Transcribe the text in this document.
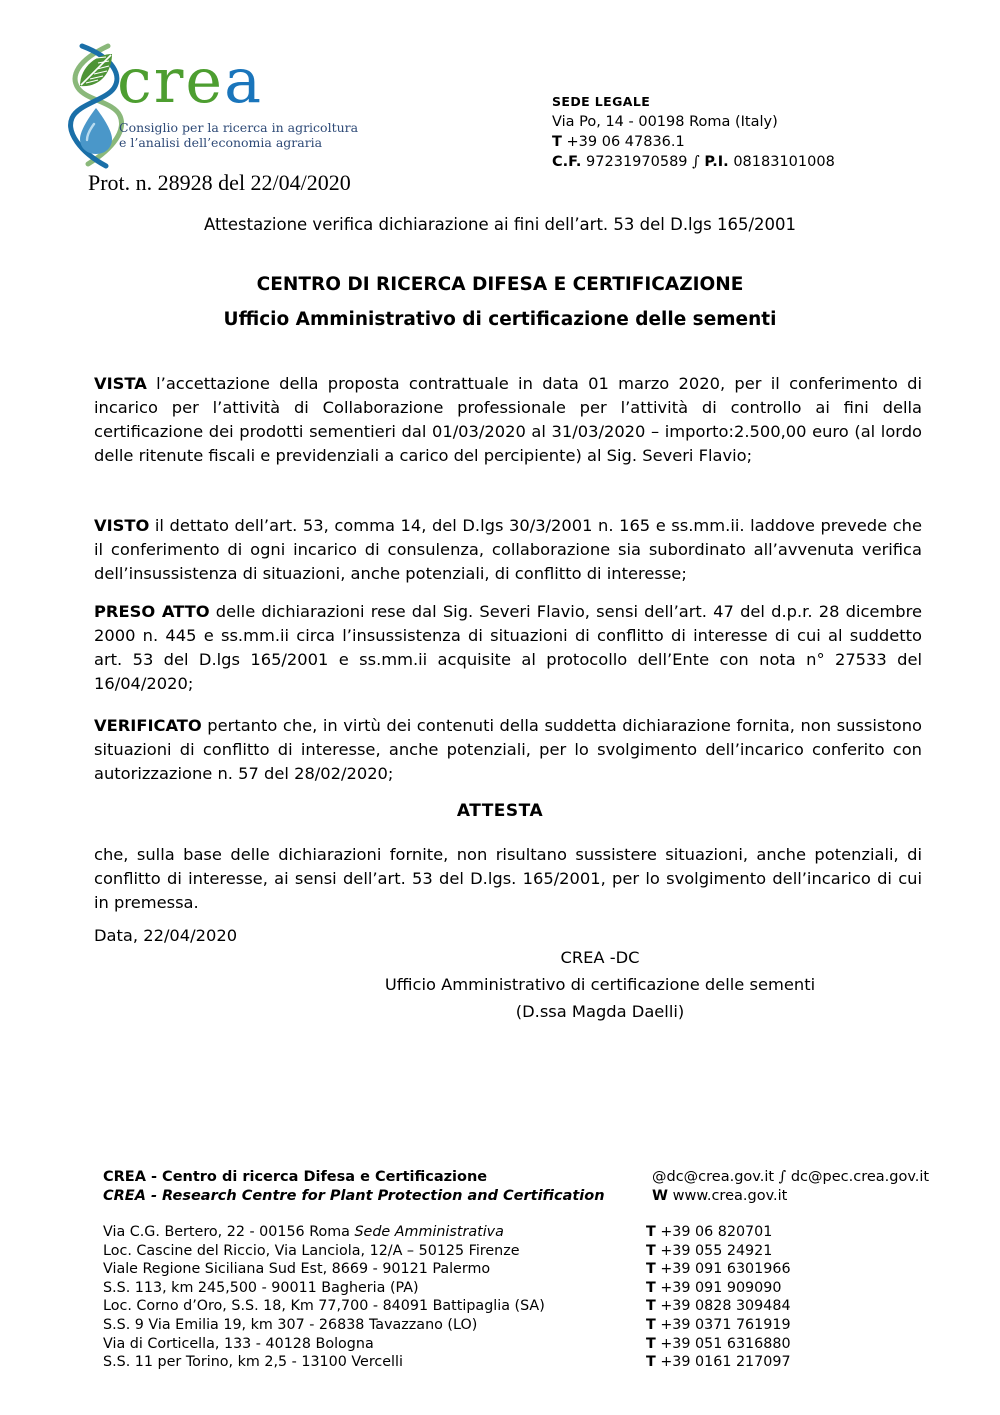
crea
Consiglio per la ricerca in agricoltura
e l’analisi dell’economia agraria
Prot. n. 28928 del 22/04/2020
SEDE LEGALE
Via Po, 14 - 00198 Roma (Italy)
T +39 06 47836.1
C.F. 97231970589 ∫ P.I. 08183101008
Attestazione verifica dichiarazione ai fini dell’art. 53 del D.lgs 165/2001
CENTRO DI RICERCA DIFESA E CERTIFICAZIONE
Ufficio Amministrativo di certificazione delle sementi
VISTA l’accettazione della proposta contrattuale in data 01 marzo 2020, per il conferimento di incarico per l’attività di Collaborazione professionale per l’attività di controllo ai fini della certificazione dei prodotti sementieri dal 01/03/2020 al 31/03/2020 – importo:2.500,00 euro (al lordo delle ritenute fiscali e previdenziali a carico del percipiente) al Sig. Severi Flavio;
VISTO il dettato dell’art. 53, comma 14, del D.lgs 30/3/2001 n. 165 e ss.mm.ii. laddove prevede che il conferimento di ogni incarico di consulenza, collaborazione sia subordinato all’avvenuta verifica dell’insussistenza di situazioni, anche potenziali, di conflitto di interesse;
PRESO ATTO delle dichiarazioni rese dal Sig. Severi Flavio, sensi dell’art. 47 del d.p.r. 28 dicembre 2000 n. 445 e ss.mm.ii circa l’insussistenza di situazioni di conflitto di interesse di cui al suddetto art. 53 del D.lgs 165/2001 e ss.mm.ii acquisite al protocollo dell’Ente con nota n° 27533 del 16/04/2020;
VERIFICATO pertanto che, in virtù dei contenuti della suddetta dichiarazione fornita, non sussistono situazioni di conflitto di interesse, anche potenziali, per lo svolgimento dell’incarico conferito con autorizzazione n. 57 del 28/02/2020;
ATTESTA
che, sulla base delle dichiarazioni fornite, non risultano sussistere situazioni, anche potenziali, di conflitto di interesse, ai sensi dell’art. 53 del D.lgs. 165/2001, per lo svolgimento dell’incarico di cui in premessa.
Data, 22/04/2020
CREA -DC
Ufficio Amministrativo di certificazione delle sementi
(D.ssa Magda Daelli)
CREA - Centro di ricerca Difesa e Certificazione
CREA - Research Centre for Plant Protection and Certification
@dc@crea.gov.it ∫ dc@pec.crea.gov.it
W www.crea.gov.it
Via C.G. Bertero, 22 - 00156 Roma Sede Amministrativa
Loc. Cascine del Riccio, Via Lanciola, 12/A – 50125 Firenze
Viale Regione Siciliana Sud Est, 8669 - 90121 Palermo
S.S. 113, km 245,500 - 90011 Bagheria (PA)
Loc. Corno d’Oro, S.S. 18, Km 77,700 - 84091 Battipaglia (SA)
S.S. 9 Via Emilia 19, km 307 - 26838 Tavazzano (LO)
Via di Corticella, 133 - 40128 Bologna
S.S. 11 per Torino, km 2,5 - 13100 Vercelli
T +39 06 820701
T +39 055 24921
T +39 091 6301966
T +39 091 909090
T +39 0828 309484
T +39 0371 761919
T +39 051 6316880
T +39 0161 217097
